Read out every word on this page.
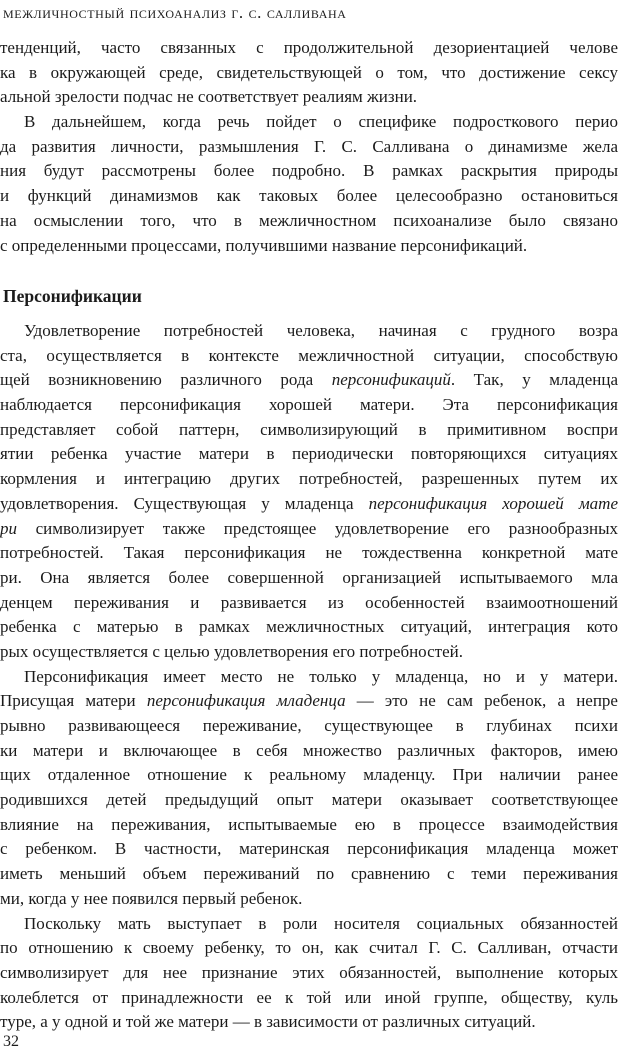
межличностный психоанализ г. с. салливана
тенденций, часто связанных с продолжительной дезориентацией челове
ка в окружающей среде, свидетельствующей о том, что достижение сексу
альной зрелости подчас не соответствует реалиям жизни.
В дальнейшем, когда речь пойдет о специфике подросткового перио
да развития личности, размышления Г. С. Салливана о динамизме жела
ния будут рассмотрены более подробно. В рамках раскрытия природы
и функций динамизмов как таковых более целесообразно остановиться
на осмыслении того, что в межличностном психоанализе было связано
с определенными процессами, получившими название персонификаций.
Персонификации
Удовлетворение потребностей человека, начиная с грудного возра
ста, осуществляется в контексте межличностной ситуации, способствую
щей возникновению различного рода персонификаций. Так, у младенца
наблюдается персонификация хорошей матери. Эта персонификация
представляет собой паттерн, символизирующий в примитивном воспри
ятии ребенка участие матери в периодически повторяющихся ситуациях
кормления и интеграцию других потребностей, разрешенных путем их
удовлетворения. Существующая у младенца персонификация хорошей мате
ри символизирует также предстоящее удовлетворение его разнообразных
потребностей. Такая персонификация не тождественна конкретной мате
ри. Она является более совершенной организацией испытываемого мла
денцем переживания и развивается из особенностей взаимоотношений
ребенка с матерью в рамках межличностных ситуаций, интеграция кото
рых осуществляется с целью удовлетворения его потребностей.
Персонификация имеет место не только у младенца, но и у матери.
Присущая матери персонификация младенца — это не сам ребенок, а непре
рывно развивающееся переживание, существующее в глубинах психи
ки матери и включающее в себя множество различных факторов, имею
щих отдаленное отношение к реальному младенцу. При наличии ранее
родившихся детей предыдущий опыт матери оказывает соответствующее
влияние на переживания, испытываемые ею в процессе взаимодействия
с ребенком. В частности, материнская персонификация младенца может
иметь меньший объем переживаний по сравнению с теми переживания
ми, когда у нее появился первый ребенок.
Поскольку мать выступает в роли носителя социальных обязанностей
по отношению к своему ребенку, то он, как считал Г. С. Салливан, отчасти
символизирует для нее признание этих обязанностей, выполнение которых
колеблется от принадлежности ее к той или иной группе, обществу, куль
туре, а у одной и той же матери — в зависимости от различных ситуаций.
32
